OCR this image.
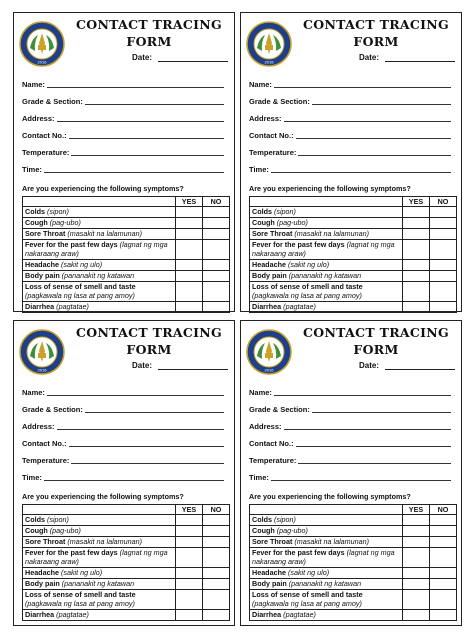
2016
CONTACT TRACING
FORM
Date:
Name:
Grade & Section:
Address:
Contact No.:
Temperature:
Time:
Are you experiencing the following symptoms?
	YES	NO
Colds (sipon)		
Cough (pag-ubo)		
Sore Throat (masakit na lalamunan)		
Fever for the past few days (lagnat ng mga nakaraang araw)		
Headache (sakit ng ulo)		
Body pain (pananakit ng katawan		
Loss of sense of smell and taste (pagkawala ng lasa at pang amoy)		
Diarrhea (pagtatae)		
2016
CONTACT TRACING
FORM
Date:
Name:
Grade & Section:
Address:
Contact No.:
Temperature:
Time:
Are you experiencing the following symptoms?
	YES	NO
Colds (sipon)		
Cough (pag-ubo)		
Sore Throat (masakit na lalamunan)		
Fever for the past few days (lagnat ng mga nakaraang araw)		
Headache (sakit ng ulo)		
Body pain (pananakit ng katawan		
Loss of sense of smell and taste (pagkawala ng lasa at pang amoy)		
Diarrhea (pagtatae)		
2016
CONTACT TRACING
FORM
Date:
Name:
Grade & Section:
Address:
Contact No.:
Temperature:
Time:
Are you experiencing the following symptoms?
	YES	NO
Colds (sipon)		
Cough (pag-ubo)		
Sore Throat (masakit na lalamunan)		
Fever for the past few days (lagnat ng mga nakaraang araw)		
Headache (sakit ng ulo)		
Body pain (pananakit ng katawan		
Loss of sense of smell and taste (pagkawala ng lasa at pang amoy)		
Diarrhea (pagtatae)		
2016
CONTACT TRACING
FORM
Date:
Name:
Grade & Section:
Address:
Contact No.:
Temperature:
Time:
Are you experiencing the following symptoms?
	YES	NO
Colds (sipon)		
Cough (pag-ubo)		
Sore Throat (masakit na lalamunan)		
Fever for the past few days (lagnat ng mga nakaraang araw)		
Headache (sakit ng ulo)		
Body pain (pananakit ng katawan		
Loss of sense of smell and taste (pagkawala ng lasa at pang amoy)		
Diarrhea (pagtatae)		
